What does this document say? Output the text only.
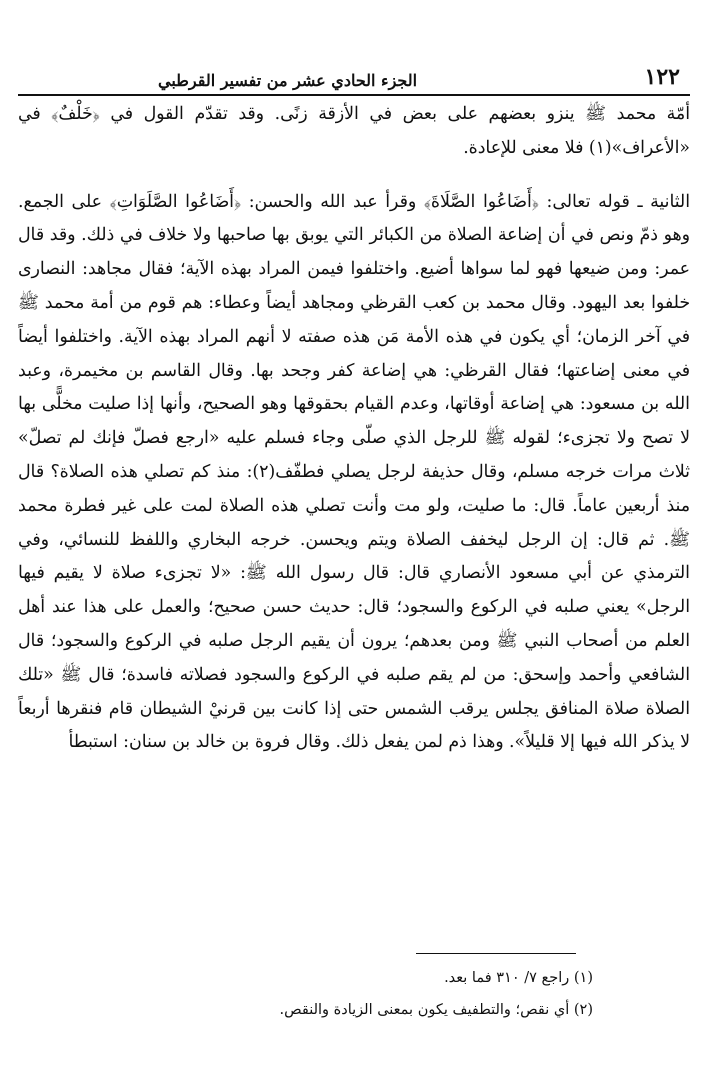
١٢٢
الجزء الحادي عشر من تفسير القرطبي

أمّة محمد ﷺ ينزو بعضهم على بعض في الأزقة زنًى. وقد تقدّم القول في ﴿خَلْفٌ﴾ في «الأعراف»(١) فلا معنى للإعادة.

الثانية ـ قوله تعالى: ﴿أَضَاعُوا الصَّلَاةَ﴾ وقرأ عبد الله والحسن: ﴿أَضَاعُوا الصَّلَوَاتِ﴾ على الجمع. وهو ذمّ ونص في أن إضاعة الصلاة من الكبائر التي يوبق بها صاحبها ولا خلاف في ذلك. وقد قال عمر: ومن ضيعها فهو لما سواها أضيع. واختلفوا فيمن المراد بهذه الآية؛ فقال مجاهد: النصارى خلفوا بعد اليهود. وقال محمد بن كعب القرظي ومجاهد أيضاً وعطاء: هم قوم من أمة محمد ﷺ في آخر الزمان؛ أي يكون في هذه الأمة مَن هذه صفته لا أنهم المراد بهذه الآية. واختلفوا أيضاً في معنى إضاعتها؛ فقال القرظي: هي إضاعة كفر وجحد بها. وقال القاسم بن مخيمرة، وعبد الله بن مسعود: هي إضاعة أوقاتها، وعدم القيام بحقوقها وهو الصحيح، وأنها إذا صليت مخلًّى بها لا تصح ولا تجزىء؛ لقوله ﷺ للرجل الذي صلّى وجاء فسلم عليه «ارجع فصلّ فإنك لم تصلّ» ثلاث مرات خرجه مسلم، وقال حذيفة لرجل يصلي فطفّف(٢): منذ كم تصلي هذه الصلاة؟ قال منذ أربعين عاماً. قال: ما صليت، ولو مت وأنت تصلي هذه الصلاة لمت على غير فطرة محمد ﷺ. ثم قال: إن الرجل ليخفف الصلاة ويتم ويحسن. خرجه البخاري واللفظ للنسائي، وفي الترمذي عن أبي مسعود الأنصاري قال: قال رسول الله ﷺ: «لا تجزىء صلاة لا يقيم فيها الرجل» يعني صلبه في الركوع والسجود؛ قال: حديث حسن صحيح؛ والعمل على هذا عند أهل العلم من أصحاب النبي ﷺ ومن بعدهم؛ يرون أن يقيم الرجل صلبه في الركوع والسجود؛ قال الشافعي وأحمد وإسحق: من لم يقم صلبه في الركوع والسجود فصلاته فاسدة؛ قال ﷺ «تلك الصلاة صلاة المنافق يجلس يرقب الشمس حتى إذا كانت بين قرنيْ الشيطان قام فنقرها أربعاً لا يذكر الله فيها إلا قليلاً». وهذا ذم لمن يفعل ذلك. وقال فروة بن خالد بن سنان: استبطأ

(١) راجع ٧/ ٣١٠ فما بعد.

(٢) أي نقص؛ والتطفيف يكون بمعنى الزيادة والنقص.
